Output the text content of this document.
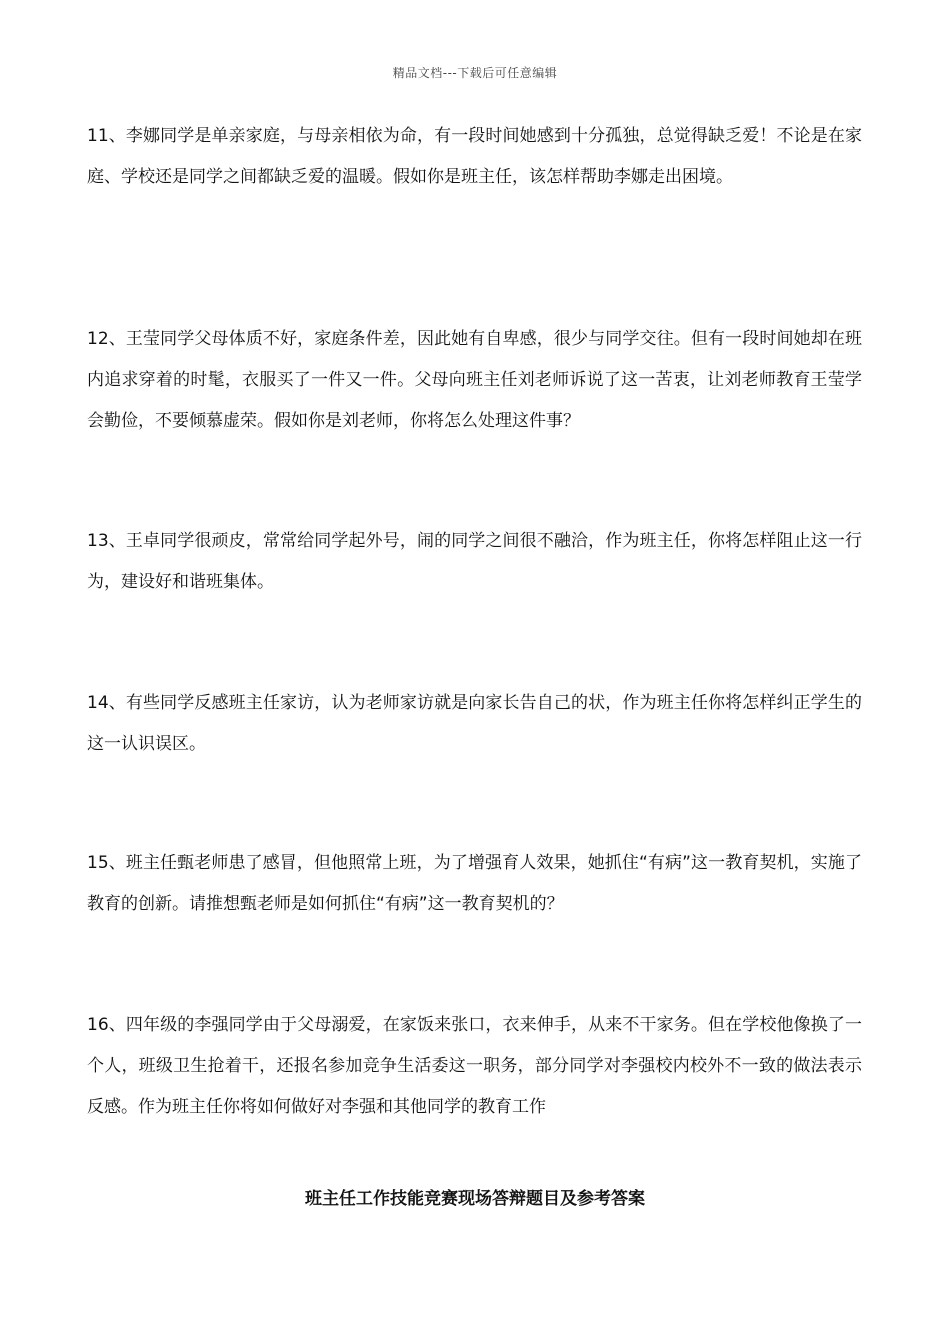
精品文档---下载后可任意编辑

11、李娜同学是单亲家庭，与母亲相依为命，有一段时间她感到十分孤独，总觉得缺乏爱！不论是在家庭、学校还是同学之间都缺乏爱的温暖。假如你是班主任，该怎样帮助李娜走出困境。

12、王莹同学父母体质不好，家庭条件差，因此她有自卑感，很少与同学交往。但有一段时间她却在班内追求穿着的时髦，衣服买了一件又一件。父母向班主任刘老师诉说了这一苦衷，让刘老师教育王莹学会勤俭，不要倾慕虚荣。假如你是刘老师，你将怎么处理这件事？

13、王卓同学很顽皮，常常给同学起外号，闹的同学之间很不融洽，作为班主任，你将怎样阻止这一行为，建设好和谐班集体。

14、有些同学反感班主任家访，认为老师家访就是向家长告自己的状，作为班主任你将怎样纠正学生的这一认识误区。

15、班主任甄老师患了感冒，但他照常上班，为了增强育人效果，她抓住“有病”这一教育契机，实施了教育的创新。请推想甄老师是如何抓住“有病”这一教育契机的？

16、四年级的李强同学由于父母溺爱，在家饭来张口，衣来伸手，从来不干家务。但在学校他像换了一个人，班级卫生抢着干，还报名参加竞争生活委这一职务，部分同学对李强校内校外不一致的做法表示反感。作为班主任你将如何做好对李强和其他同学的教育工作

班主任工作技能竞赛现场答辩题目及参考答案
